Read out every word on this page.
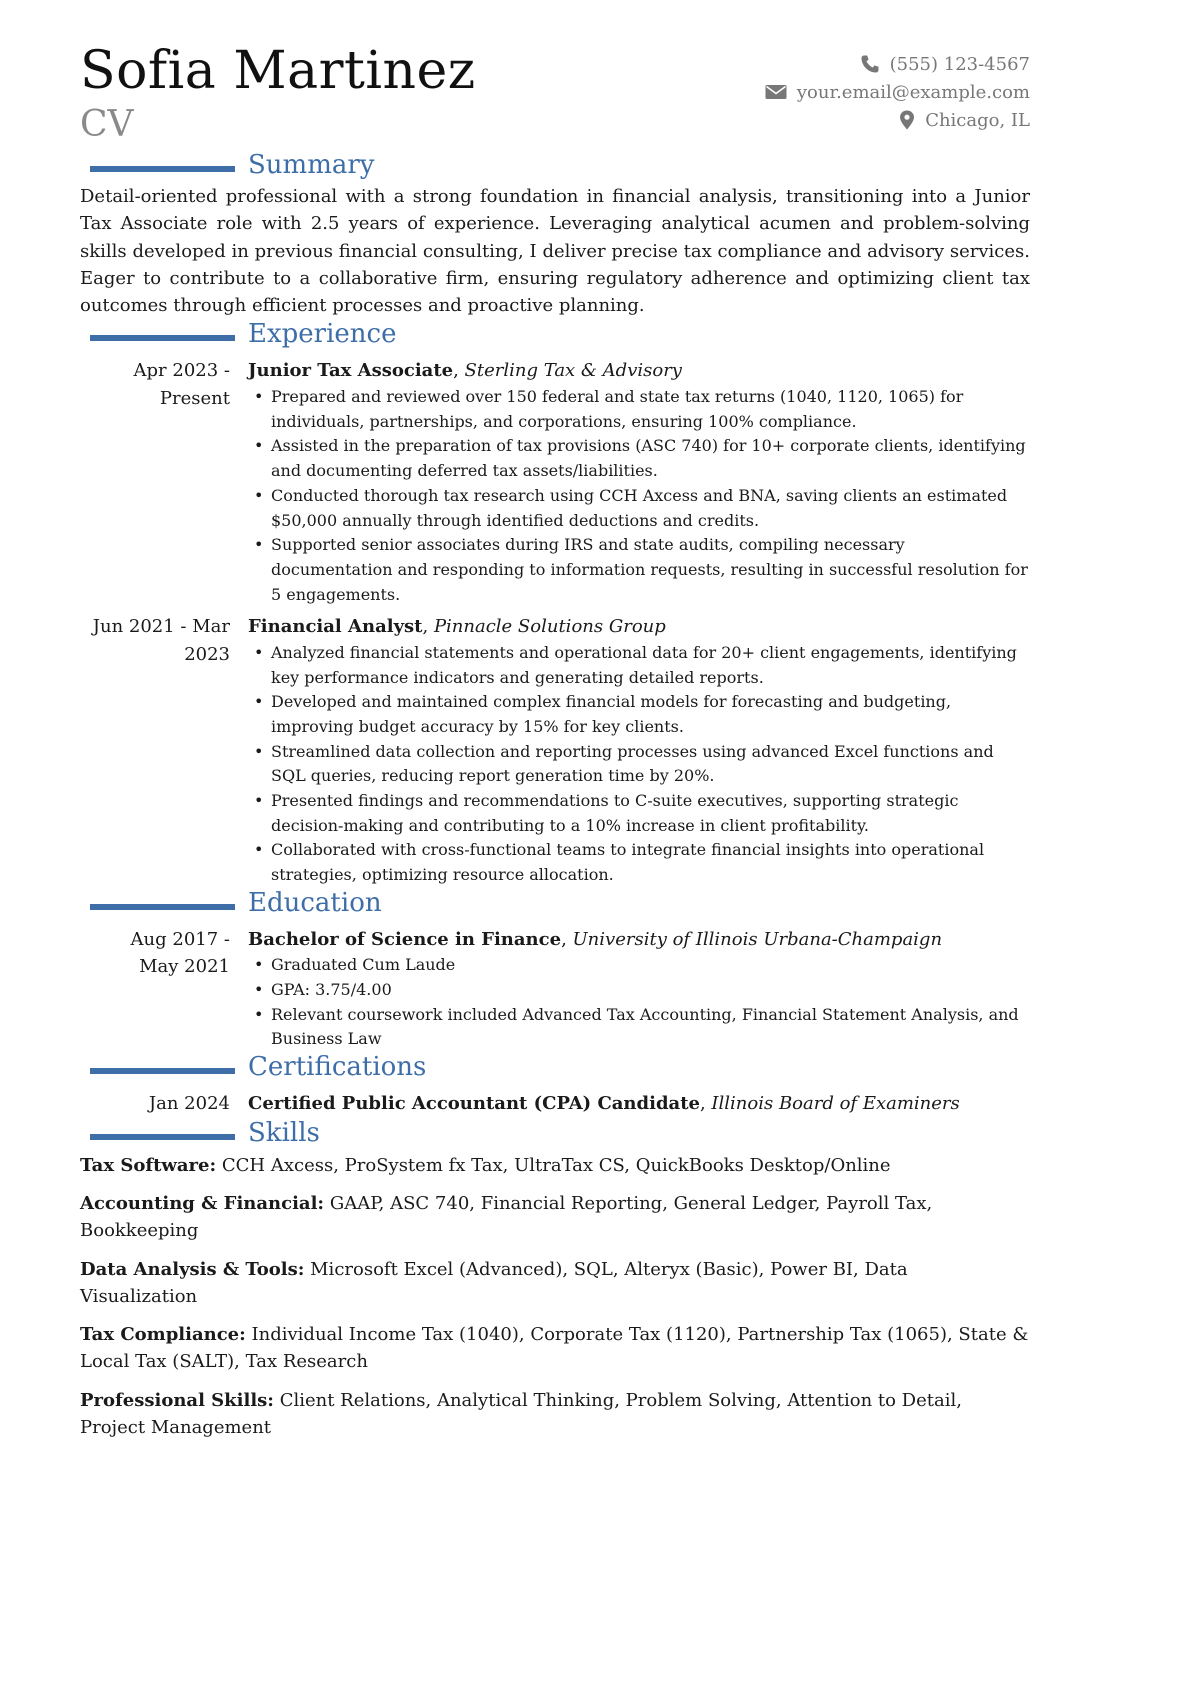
Sofia Martinez
CV
(555) 123-4567
your.email@example.com
Chicago, IL
Summary

Detail-oriented professional with a strong foundation in financial analysis, transitioning into a Junior Tax Associate role with 2.5 years of experience. Leveraging analytical acumen and problem-solving skills developed in previous financial consulting, I deliver precise tax compliance and advisory services. Eager to contribute to a collaborative firm, ensuring regulatory adherence and optimizing client tax outcomes through efficient processes and proactive planning.

Experience
Apr 2023 -
Present
Junior Tax Associate, Sterling Tax & Advisory
• Prepared and reviewed over 150 federal and state tax returns (1040, 1120, 1065) for individuals, partnerships, and corporations, ensuring 100% compliance.
• Assisted in the preparation of tax provisions (ASC 740) for 10+ corporate clients, identifying and documenting deferred tax assets/liabilities.
• Conducted thorough tax research using CCH Axcess and BNA, saving clients an estimated $50,000 annually through identified deductions and credits.
• Supported senior associates during IRS and state audits, compiling necessary documentation and responding to information requests, resulting in successful resolution for 5 engagements.
Jun 2021 - Mar
2023
Financial Analyst, Pinnacle Solutions Group
• Analyzed financial statements and operational data for 20+ client engagements, identifying key performance indicators and generating detailed reports.
• Developed and maintained complex financial models for forecasting and budgeting, improving budget accuracy by 15% for key clients.
• Streamlined data collection and reporting processes using advanced Excel functions and SQL queries, reducing report generation time by 20%.
• Presented findings and recommendations to C-suite executives, supporting strategic decision-making and contributing to a 10% increase in client profitability.
• Collaborated with cross-functional teams to integrate financial insights into operational strategies, optimizing resource allocation.
Education
Aug 2017 -
May 2021
Bachelor of Science in Finance, University of Illinois Urbana-Champaign
• Graduated Cum Laude
• GPA: 3.75/4.00
• Relevant coursework included Advanced Tax Accounting, Financial Statement Analysis, and Business Law
Certifications
Jan 2024 Certified Public Accountant (CPA) Candidate, Illinois Board of Examiners
Skills
Tax Software: CCH Axcess, ProSystem fx Tax, UltraTax CS, QuickBooks Desktop/Online
Accounting & Financial: GAAP, ASC 740, Financial Reporting, General Ledger, Payroll Tax, Bookkeeping
Data Analysis & Tools: Microsoft Excel (Advanced), SQL, Alteryx (Basic), Power BI, Data Visualization
Tax Compliance: Individual Income Tax (1040), Corporate Tax (1120), Partnership Tax (1065), State & Local Tax (SALT), Tax Research
Professional Skills: Client Relations, Analytical Thinking, Problem Solving, Attention to Detail, Project Management
